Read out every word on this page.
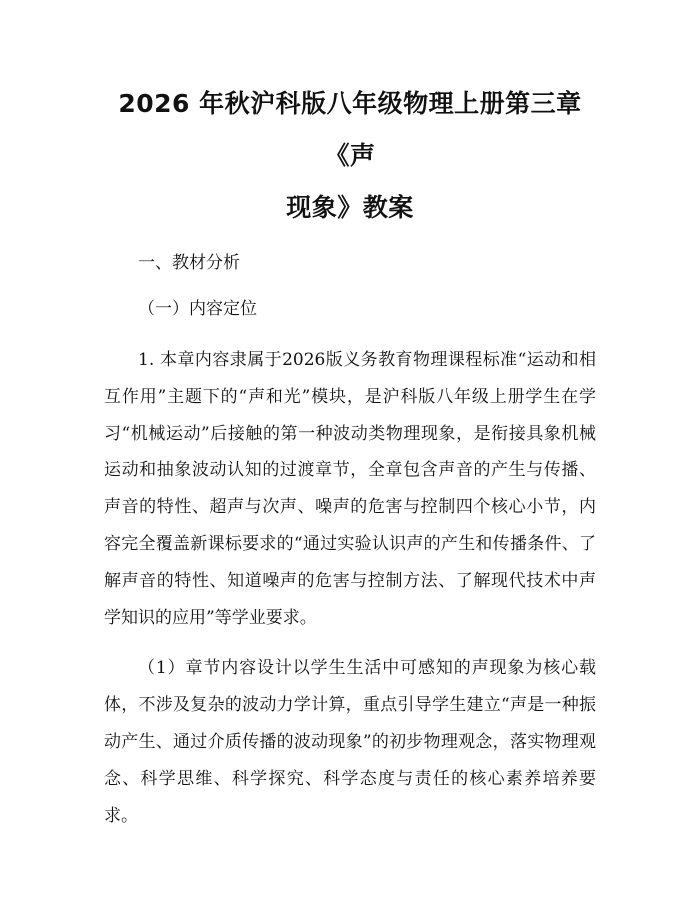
2026 年秋沪科版八年级物理上册第三章《声
现象》教案

一、教材分析

（一）内容定位

1. 本章内容隶属于2026版义务教育物理课程标准“运动和相互作用”主题下的“声和光”模块，是沪科版八年级上册学生在学习“机械运动”后接触的第一种波动类物理现象，是衔接具象机械运动和抽象波动认知的过渡章节，全章包含声音的产生与传播、声音的特性、超声与次声、噪声的危害与控制四个核心小节，内容完全覆盖新课标要求的“通过实验认识声的产生和传播条件、了解声音的特性、知道噪声的危害与控制方法、了解现代技术中声学知识的应用”等学业要求。

（1）章节内容设计以学生生活中可感知的声现象为核心载体，不涉及复杂的波动力学计算，重点引导学生建立“声是一种振动产生、通过介质传播的波动现象”的初步物理观念，落实物理观念、科学思维、科学探究、科学态度与责任的核心素养培养要求。
